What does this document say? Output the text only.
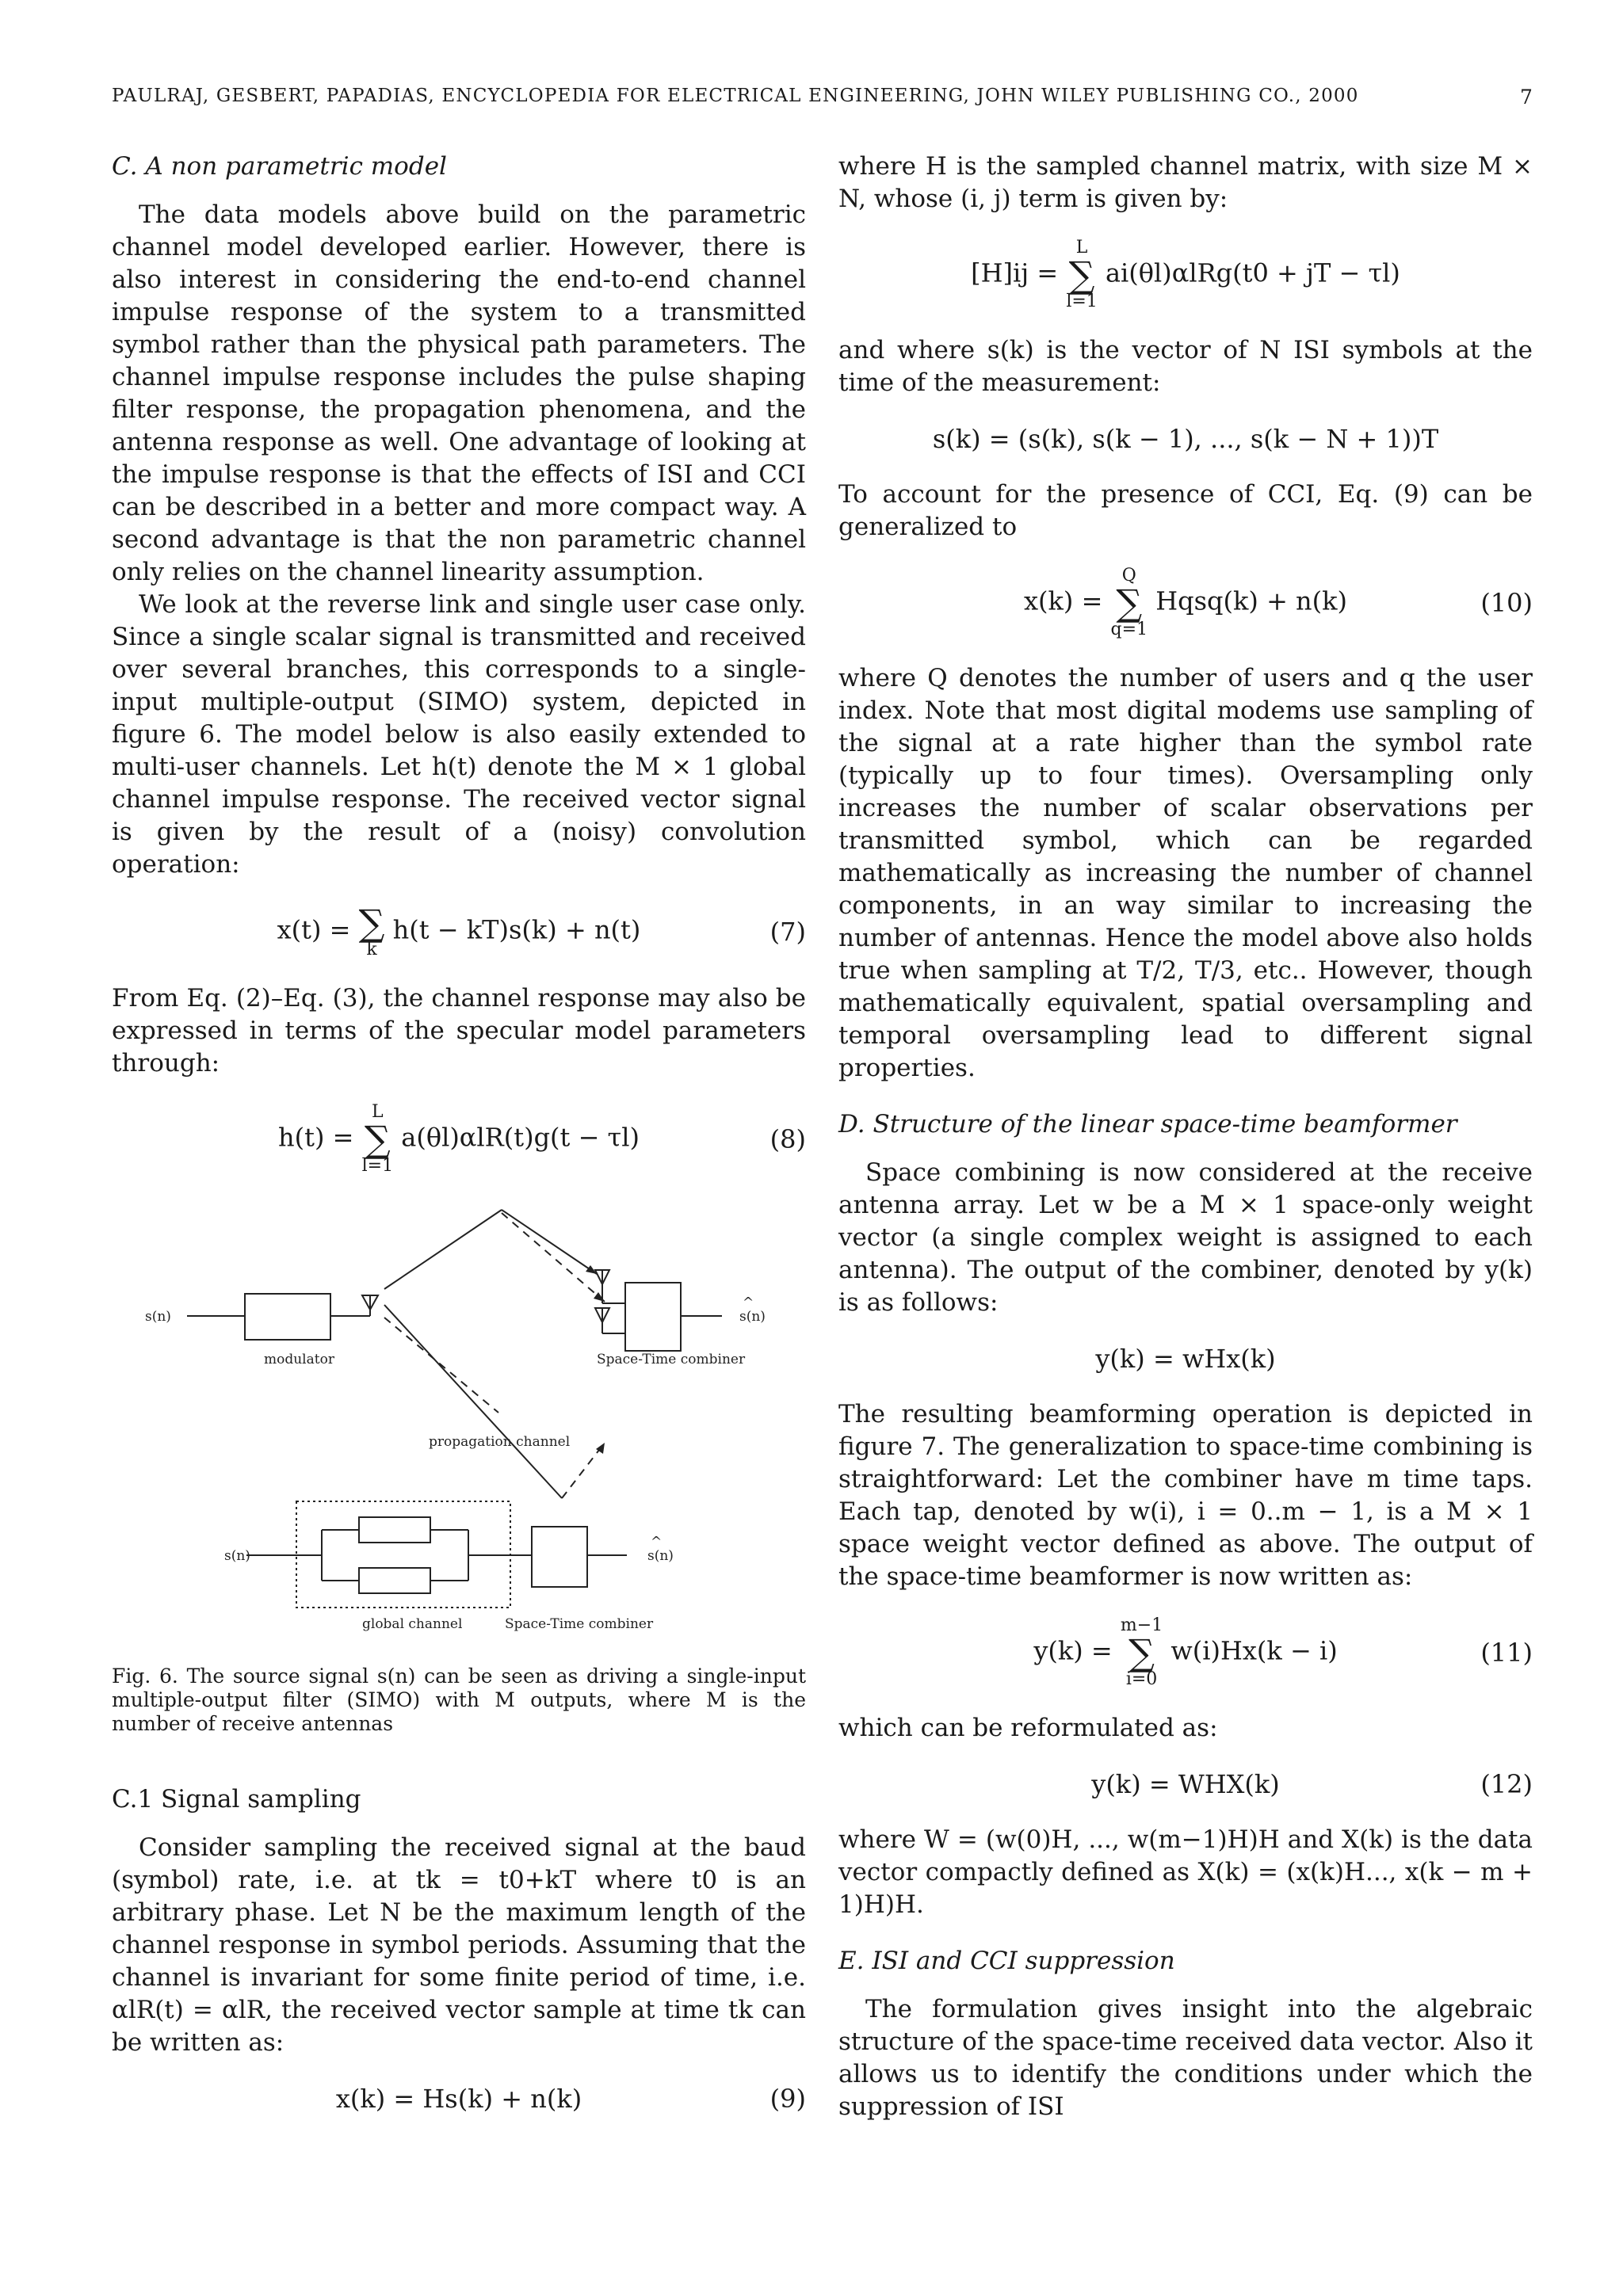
PAULRAJ, GESBERT, PAPADIAS, ENCYCLOPEDIA FOR ELECTRICAL ENGINEERING, JOHN WILEY PUBLISHING CO., 2000	7
C. A non parametric model

The data models above build on the parametric channel model developed earlier. However, there is also interest in considering the end-to-end channel impulse response of the system to a transmitted symbol rather than the physical path parameters. The channel impulse response includes the pulse shaping filter response, the propagation phenomena, and the antenna response as well. One advantage of looking at the impulse response is that the effects of ISI and CCI can be described in a better and more compact way. A second advantage is that the non parametric channel only relies on the channel linearity assumption.

We look at the reverse link and single user case only. Since a single scalar signal is transmitted and received over several branches, this corresponds to a single-input multiple-output (SIMO) system, depicted in figure 6. The model below is also easily extended to multi-user channels. Let h(t) denote the M × 1 global channel impulse response. The received vector signal is given by the result of a (noisy) convolution operation:

x(t) = ∑
k
h(t − kT)s(k) + n(t)	(7)

From Eq. (2)–Eq. (3), the channel response may also be expressed in terms of the specular model parameters through:

h(t) =
L
∑
l=1
a(θl)αlR(t)g(t − τl)	(8)
s(n)
^
s(n)
modulator	Space-Time combiner
propagation channel
s(n)
^
s(n)
global channel	Space-Time combiner
Fig. 6. The source signal s(n) can be seen as driving a single-input multiple-output filter (SIMO) with M outputs, where M is the number of receive antennas
C.1 Signal sampling

Consider sampling the received signal at the baud (symbol) rate, i.e. at tk = t0+kT where t0 is an arbitrary phase. Let N be the maximum length of the channel response in symbol periods. Assuming that the channel is invariant for some finite period of time, i.e. αlR(t) = αlR, the received vector sample at time tk can be written as:

x(k) = Hs(k) + n(k)	(9)

where H is the sampled channel matrix, with size M × N, whose (i, j) term is given by:

[H]ij =
L
∑
l=1
ai(θl)αlRg(t0 + jT − τl)

and where s(k) is the vector of N ISI symbols at the time of the measurement:

s(k) = (s(k), s(k − 1), ..., s(k − N + 1))T

To account for the presence of CCI, Eq. (9) can be generalized to

x(k) =
Q
∑
q=1
Hqsq(k) + n(k)	(10)

where Q denotes the number of users and q the user index. Note that most digital modems use sampling of the signal at a rate higher than the symbol rate (typically up to four times). Oversampling only increases the number of scalar observations per transmitted symbol, which can be regarded mathematically as increasing the number of channel components, in an way similar to increasing the number of antennas. Hence the model above also holds true when sampling at T/2, T/3, etc.. However, though mathematically equivalent, spatial oversampling and temporal oversampling lead to different signal properties.

D. Structure of the linear space-time beamformer

Space combining is now considered at the receive antenna array. Let w be a M × 1 space-only weight vector (a single complex weight is assigned to each antenna). The output of the combiner, denoted by y(k) is as follows:

y(k) = wHx(k)

The resulting beamforming operation is depicted in figure 7. The generalization to space-time combining is straightforward: Let the combiner have m time taps. Each tap, denoted by w(i), i = 0..m − 1, is a M × 1 space weight vector defined as above. The output of the space-time beamformer is now written as:

y(k) =
m−1
∑
i=0
w(i)Hx(k − i)	(11)

which can be reformulated as:

y(k) = WHX(k)	(12)

where W = (w(0)H, ..., w(m−1)H)H and X(k) is the data vector compactly defined as X(k) = (x(k)H..., x(k − m + 1)H)H.

E. ISI and CCI suppression

The formulation gives insight into the algebraic structure of the space-time received data vector. Also it allows us to identify the conditions under which the suppression of ISI
